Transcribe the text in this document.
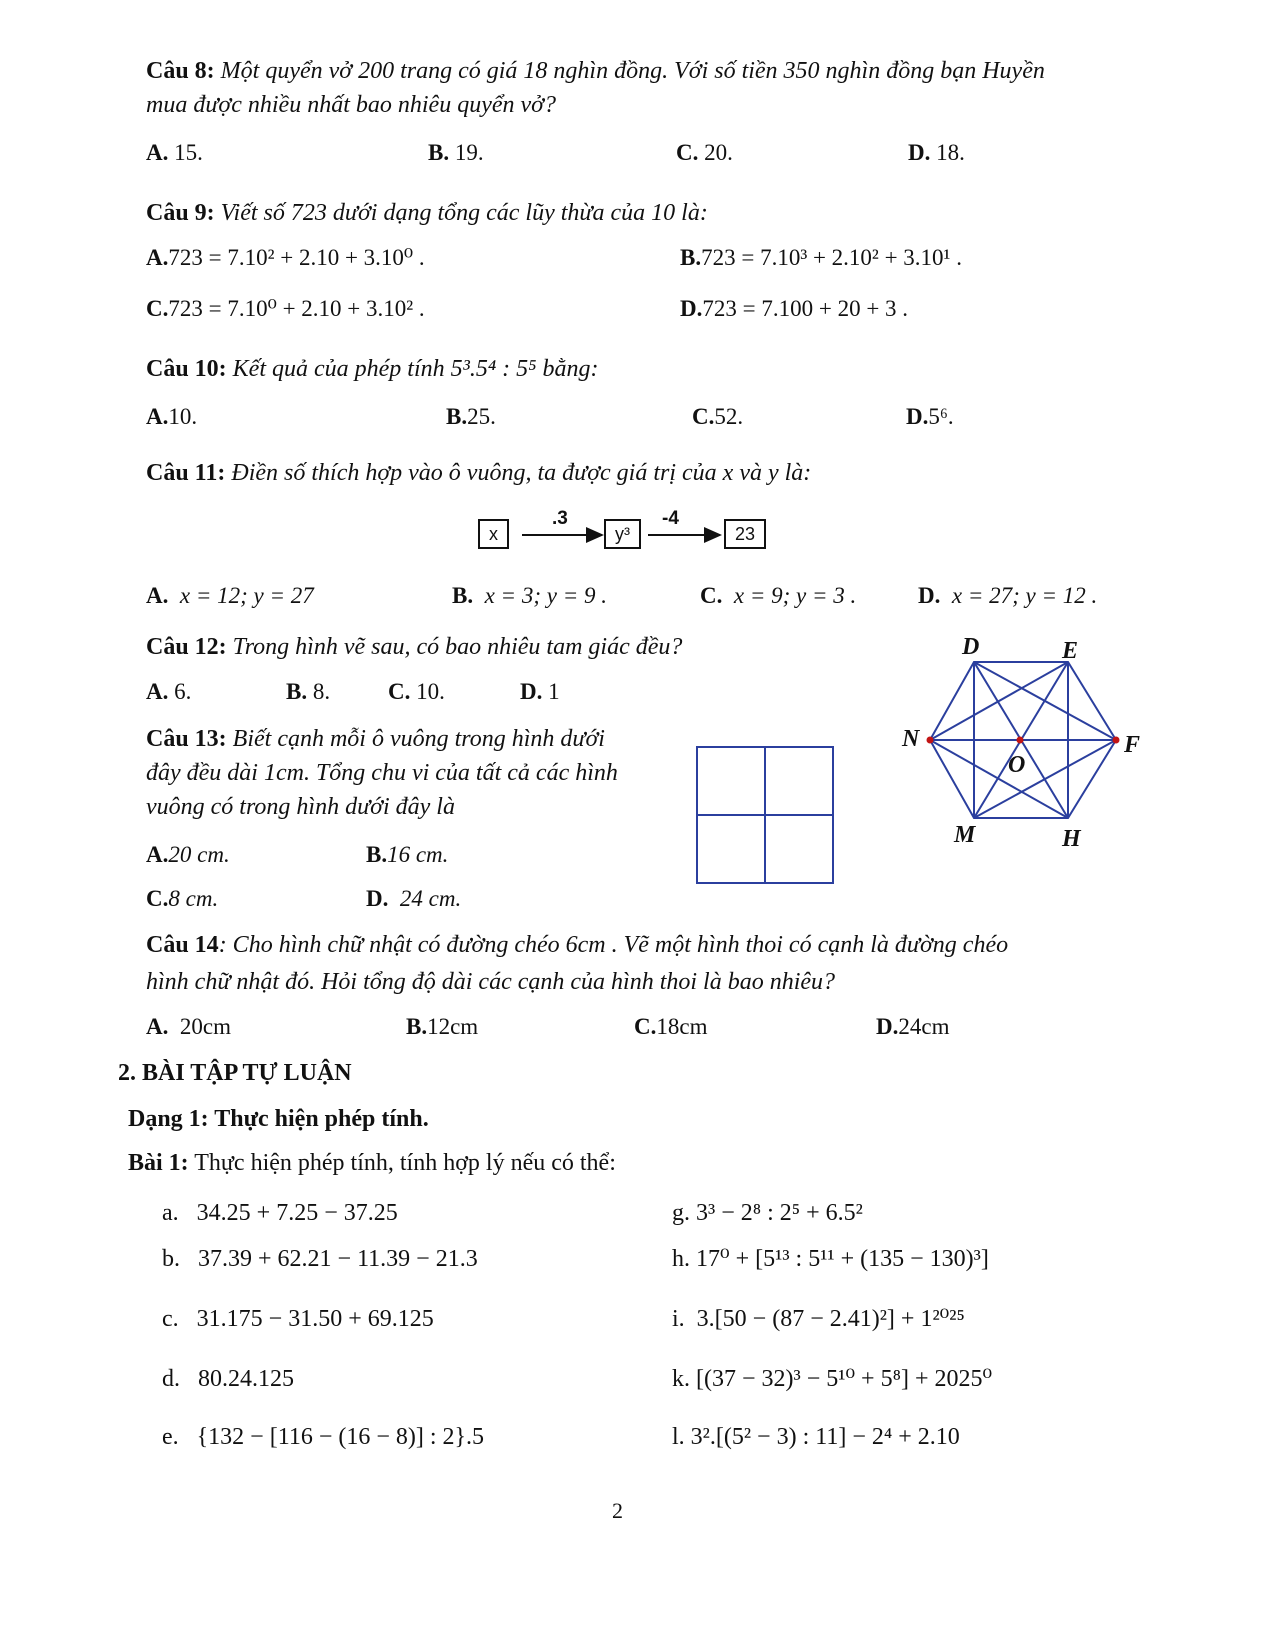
Câu 8: Một quyển vở 200 trang có giá 18 nghìn đồng. Với số tiền 350 nghìn đồng bạn Huyền
mua được nhiều nhất bao nhiêu quyển vở?
A. 15.	B. 19.	C. 20.	D. 18.
Câu 9: Viết số 723 dưới dạng tổng các lũy thừa của 10 là:
A.723 = 7.10² + 2.10 + 3.10⁰ .	B.723 = 7.10³ + 2.10² + 3.10¹ .
C.723 = 7.10⁰ + 2.10 + 3.10² .	D.723 = 7.100 + 20 + 3 .
Câu 10: Kết quả của phép tính 5³.5⁴ : 5⁵ bằng:
A.10.	B.25.	C.52.	D.5⁶.
Câu 11: Điền số thích hợp vào ô vuông, ta được giá trị của x và y là:
x
.3
y³
-4
23
A. x = 12; y = 27	B. x = 3; y = 9 .	C. x = 9; y = 3 .	D. x = 27; y = 12 .
Câu 12: Trong hình vẽ sau, có bao nhiêu tam giác đều?
A. 6.	B. 8.	C. 10.	D. 1
D	E
N	F
O
M	H
Câu 13: Biết cạnh mỗi ô vuông trong hình dưới
đây đều dài 1cm. Tổng chu vi của tất cả các hình
vuông có trong hình dưới đây là
A.20 cm.	B.16 cm.
C.8 cm.	D. 24 cm.
Câu 14: Cho hình chữ nhật có đường chéo 6cm . Vẽ một hình thoi có cạnh là đường chéo
hình chữ nhật đó. Hỏi tổng độ dài các cạnh của hình thoi là bao nhiêu?
A. 20cm	B.12cm	C.18cm	D.24cm
2. BÀI TẬP TỰ LUẬN
Dạng 1: Thực hiện phép tính.
Bài 1: Thực hiện phép tính, tính hợp lý nếu có thể:
a. 34.25 + 7.25 − 37.25
b. 37.39 + 62.21 − 11.39 − 21.3
c. 31.175 − 31.50 + 69.125
d. 80.24.125
e. {132 − [116 − (16 − 8)] : 2}.5
g. 3³ − 2⁸ : 2⁵ + 6.5²
h. 17⁰ + [5¹³ : 5¹¹ + (135 − 130)³]
i. 3.[50 − (87 − 2.41)²] + 1²⁰²⁵
k. [(37 − 32)³ − 5¹⁰ + 5⁸] + 2025⁰
l. 3².[(5² − 3) : 11] − 2⁴ + 2.10
2
